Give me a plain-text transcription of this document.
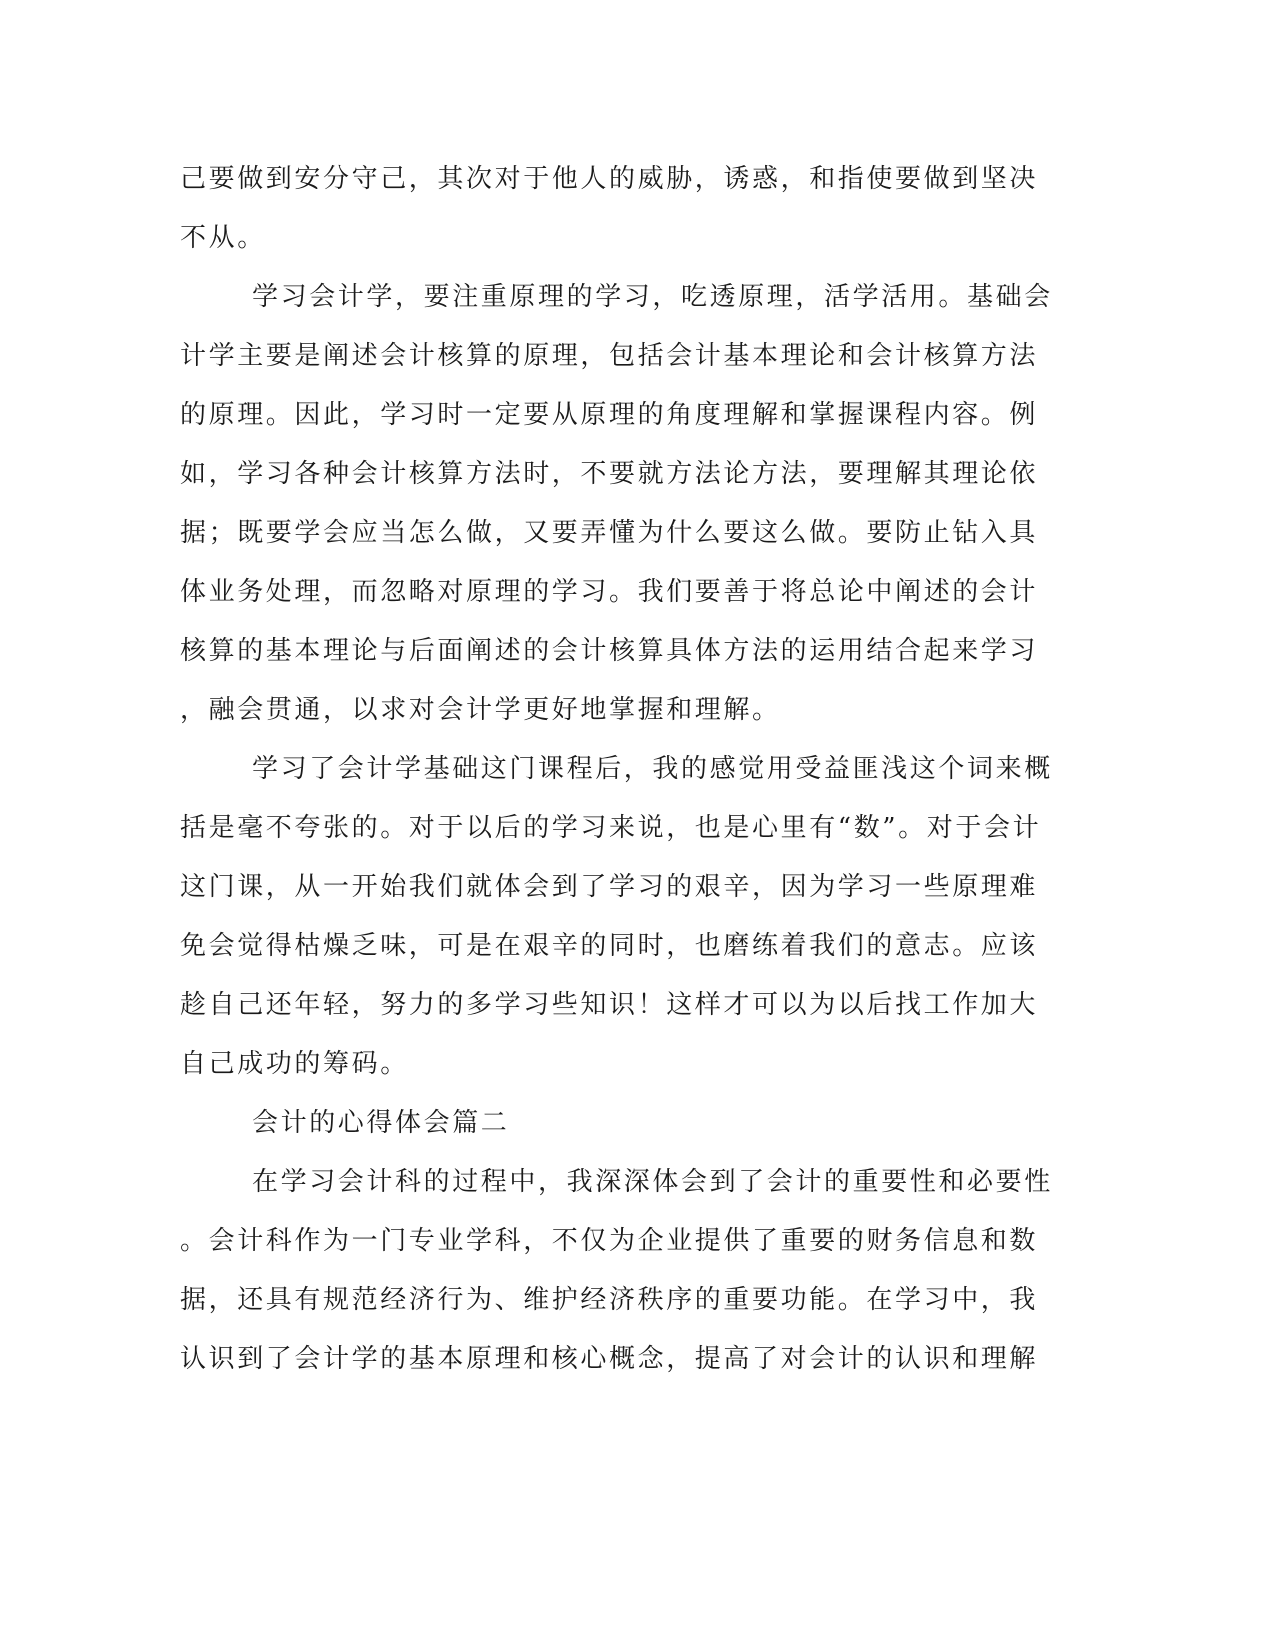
己要做到安分守己，其次对于他人的威胁，诱惑，和指使要做到坚决
不从。
学习会计学，要注重原理的学习，吃透原理，活学活用。基础会
计学主要是阐述会计核算的原理，包括会计基本理论和会计核算方法
的原理。因此，学习时一定要从原理的角度理解和掌握课程内容。例
如，学习各种会计核算方法时，不要就方法论方法，要理解其理论依
据；既要学会应当怎么做，又要弄懂为什么要这么做。要防止钻入具
体业务处理，而忽略对原理的学习。我们要善于将总论中阐述的会计
核算的基本理论与后面阐述的会计核算具体方法的运用结合起来学习
，融会贯通，以求对会计学更好地掌握和理解。
学习了会计学基础这门课程后，我的感觉用受益匪浅这个词来概
括是毫不夸张的。对于以后的学习来说，也是心里有“数”。对于会计
这门课，从一开始我们就体会到了学习的艰辛，因为学习一些原理难
免会觉得枯燥乏味，可是在艰辛的同时，也磨练着我们的意志。应该
趁自己还年轻，努力的多学习些知识！这样才可以为以后找工作加大
自己成功的筹码。
会计的心得体会篇二
在学习会计科的过程中，我深深体会到了会计的重要性和必要性
。会计科作为一门专业学科，不仅为企业提供了重要的财务信息和数
据，还具有规范经济行为、维护经济秩序的重要功能。在学习中，我
认识到了会计学的基本原理和核心概念，提高了对会计的认识和理解
